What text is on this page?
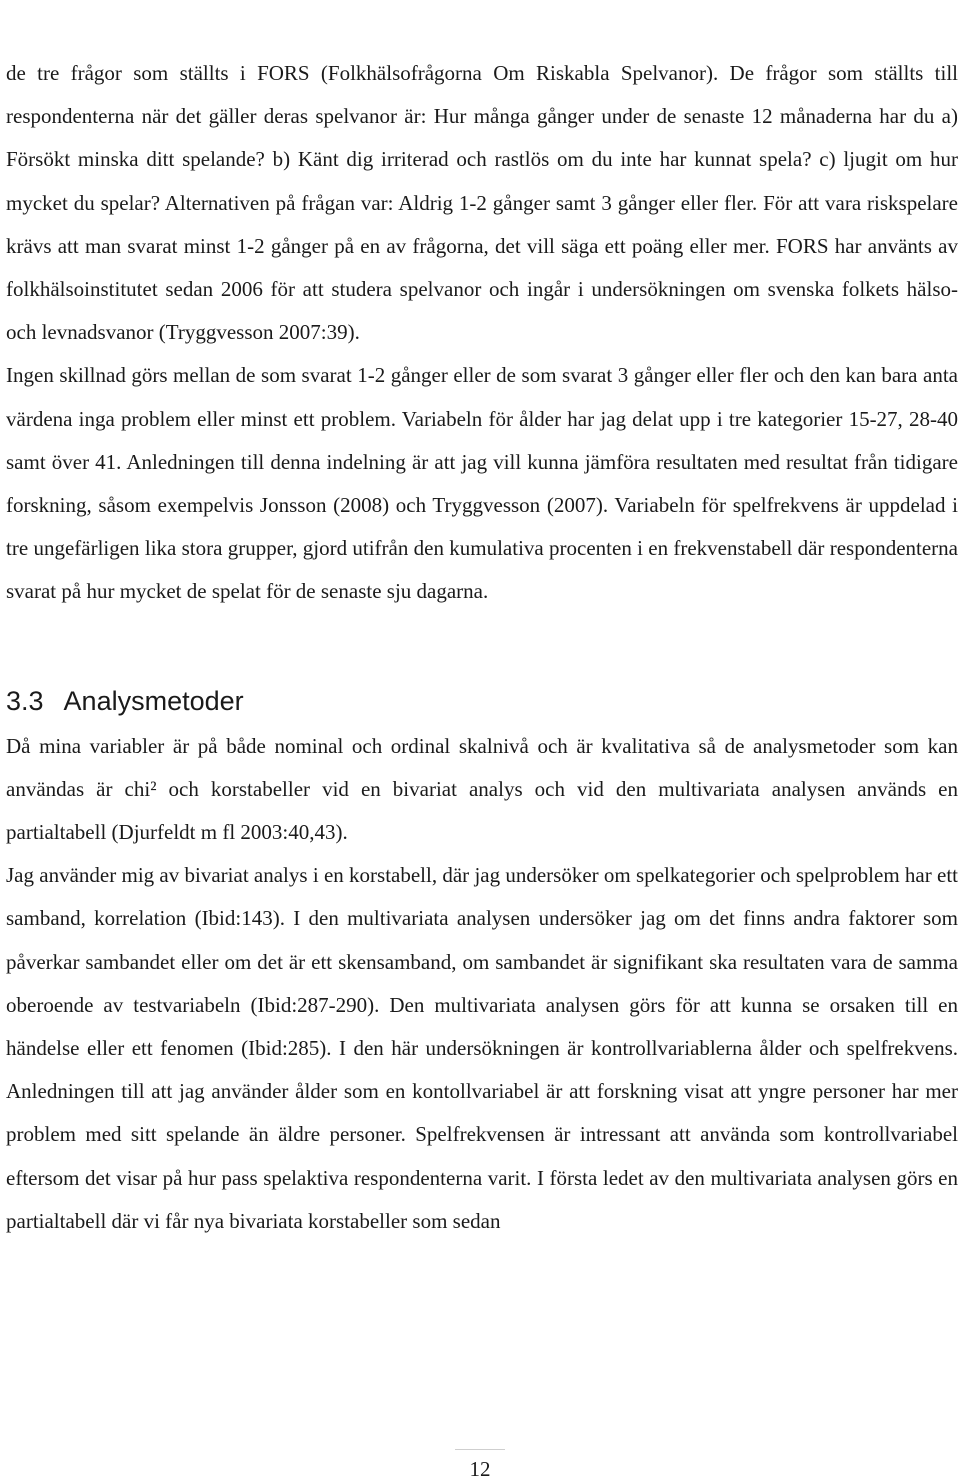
de tre frågor som ställts i FORS (Folkhälsofrågorna Om Riskabla Spelvanor). De frågor som ställts till respondenterna när det gäller deras spelvanor är: Hur många gånger under de senaste 12 månaderna har du a) Försökt minska ditt spelande? b) Känt dig irriterad och rastlös om du inte har kunnat spela? c) ljugit om hur mycket du spelar? Alternativen på frågan var: Aldrig 1-2 gånger samt 3 gånger eller fler. För att vara riskspelare krävs att man svarat minst 1-2 gånger på en av frågorna, det vill säga ett poäng eller mer. FORS har använts av folkhälsoinstitutet sedan 2006 för att studera spelvanor och ingår i undersökningen om svenska folkets hälso- och levnadsvanor (Tryggvesson 2007:39).

Ingen skillnad görs mellan de som svarat 1-2 gånger eller de som svarat 3 gånger eller fler och den kan bara anta värdena inga problem eller minst ett problem. Variabeln för ålder har jag delat upp i tre kategorier 15-27, 28-40 samt över 41. Anledningen till denna indelning är att jag vill kunna jämföra resultaten med resultat från tidigare forskning, såsom exempelvis Jonsson (2008) och Tryggvesson (2007). Variabeln för spelfrekvens är uppdelad i tre ungefärligen lika stora grupper, gjord utifrån den kumulativa procenten i en frekvenstabell där respondenterna svarat på hur mycket de spelat för de senaste sju dagarna.

3.3 Analysmetoder

Då mina variabler är på både nominal och ordinal skalnivå och är kvalitativa så de analysmetoder som kan användas är chi² och korstabeller vid en bivariat analys och vid den multivariata analysen används en partialtabell (Djurfeldt m fl 2003:40,43).

Jag använder mig av bivariat analys i en korstabell, där jag undersöker om spelkategorier och spelproblem har ett samband, korrelation (Ibid:143). I den multivariata analysen undersöker jag om det finns andra faktorer som påverkar sambandet eller om det är ett skensamband, om sambandet är signifikant ska resultaten vara de samma oberoende av testvariabeln (Ibid:287-290). Den multivariata analysen görs för att kunna se orsaken till en händelse eller ett fenomen (Ibid:285). I den här undersökningen är kontrollvariablerna ålder och spelfrekvens. Anledningen till att jag använder ålder som en kontollvariabel är att forskning visat att yngre personer har mer problem med sitt spelande än äldre personer. Spelfrekvensen är intressant att använda som kontrollvariabel eftersom det visar på hur pass spelaktiva respondenterna varit. I första ledet av den multivariata analysen görs en partialtabell där vi får nya bivariata korstabeller som sedan

12
